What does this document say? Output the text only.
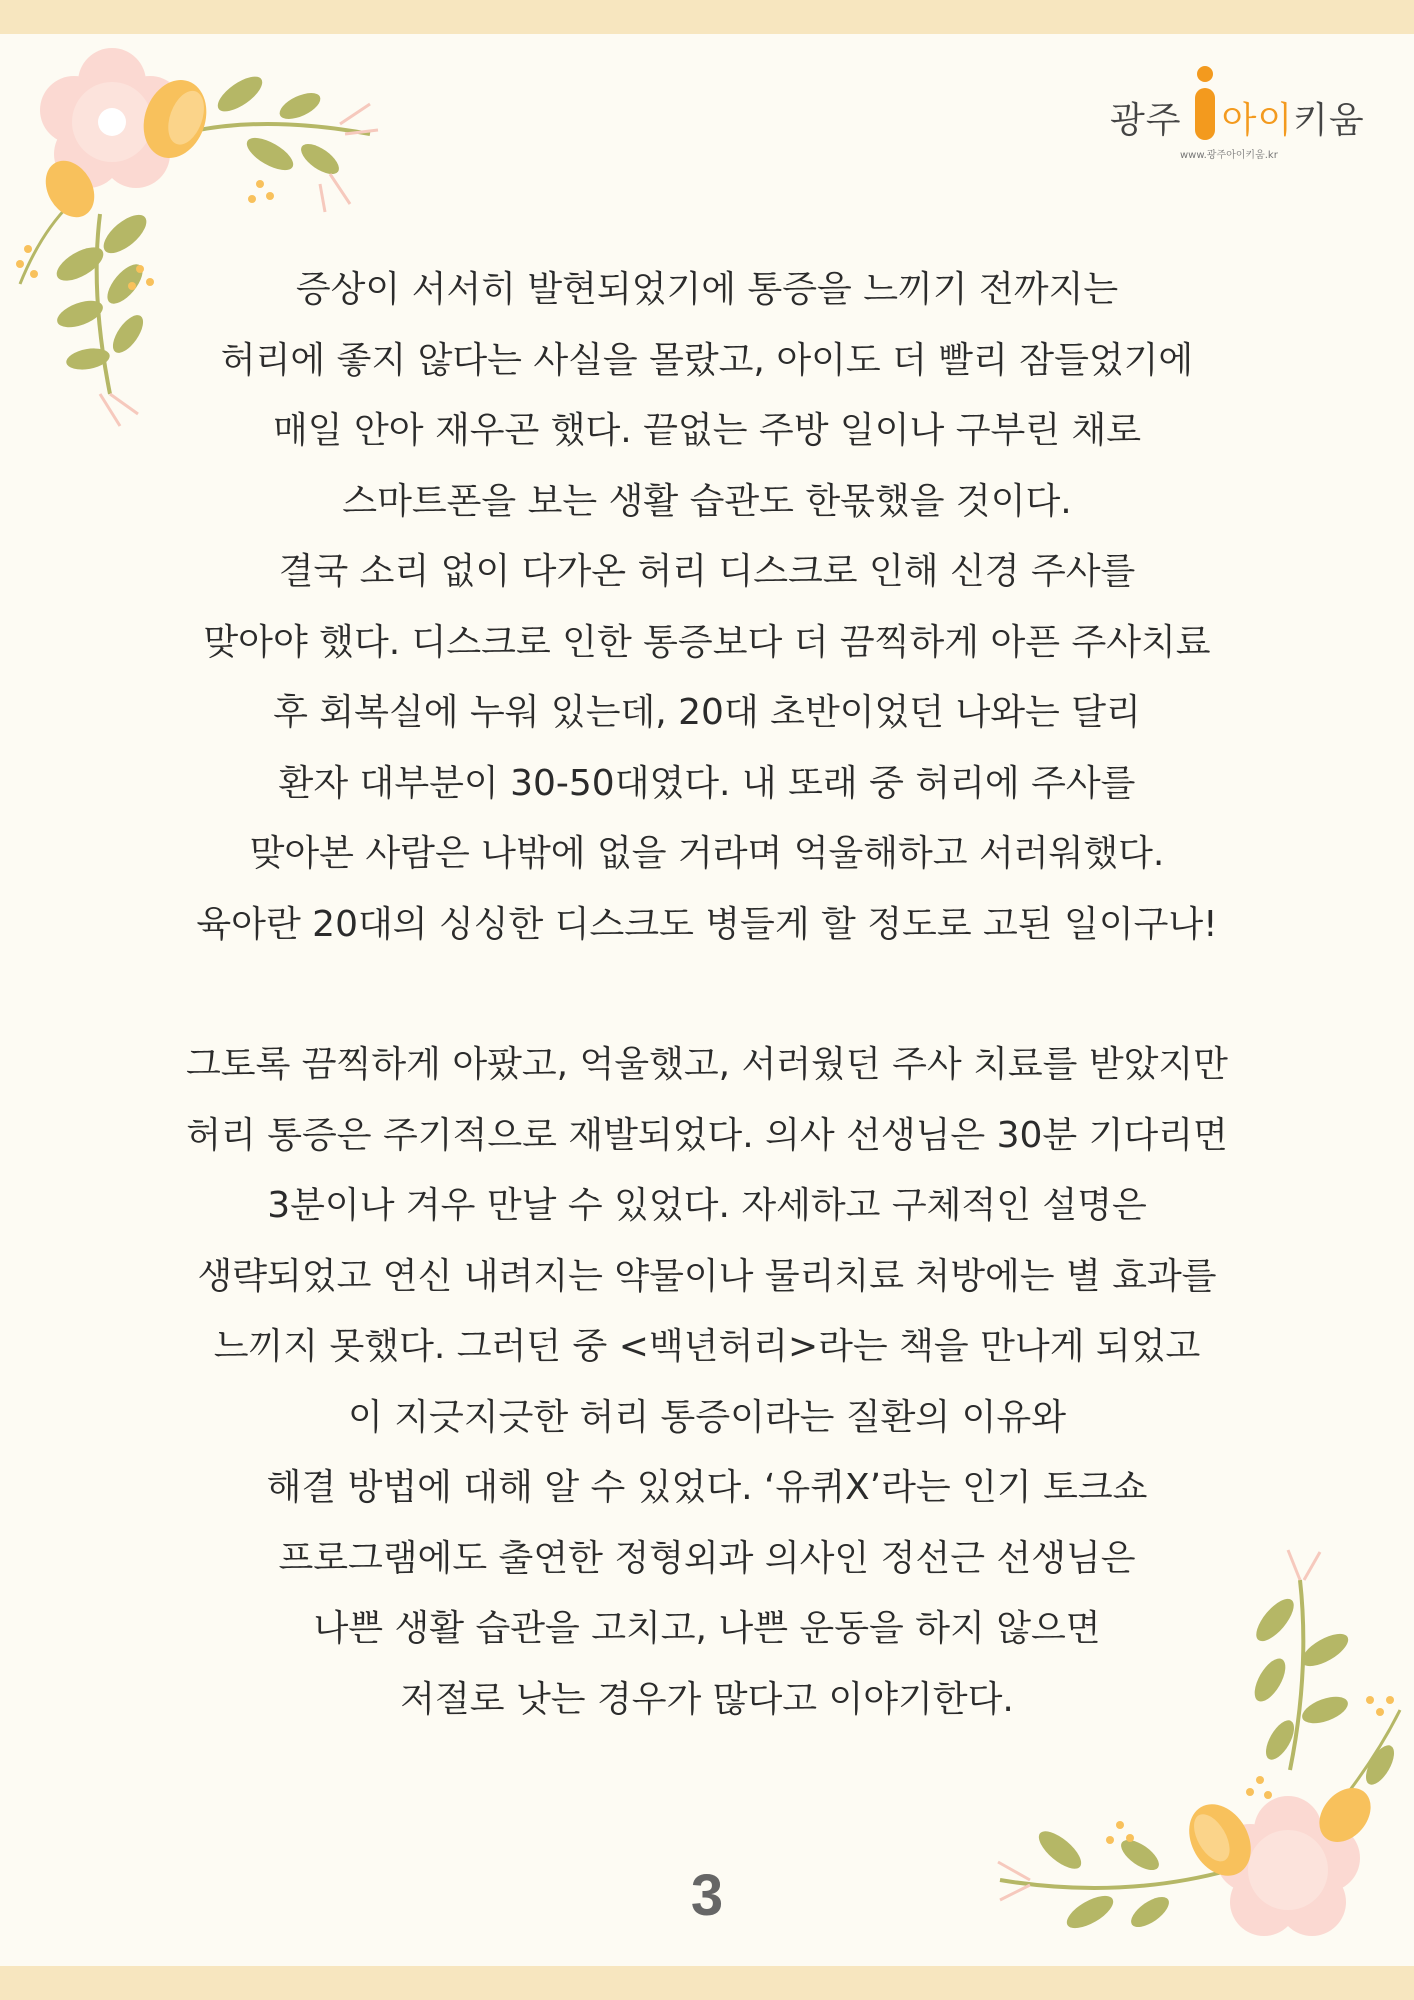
광주 아이키움
www.광주아이키움.kr

증상이 서서히 발현되었기에 통증을 느끼기 전까지는
허리에 좋지 않다는 사실을 몰랐고, 아이도 더 빨리 잠들었기에
매일 안아 재우곤 했다. 끝없는 주방 일이나 구부린 채로
스마트폰을 보는 생활 습관도 한몫했을 것이다.
결국 소리 없이 다가온 허리 디스크로 인해 신경 주사를
맞아야 했다. 디스크로 인한 통증보다 더 끔찍하게 아픈 주사치료
후 회복실에 누워 있는데, 20대 초반이었던 나와는 달리
환자 대부분이 30-50대였다. 내 또래 중 허리에 주사를
맞아본 사람은 나밖에 없을 거라며 억울해하고 서러워했다.
육아란 20대의 싱싱한 디스크도 병들게 할 정도로 고된 일이구나!

그토록 끔찍하게 아팠고, 억울했고, 서러웠던 주사 치료를 받았지만
허리 통증은 주기적으로 재발되었다. 의사 선생님은 30분 기다리면
3분이나 겨우 만날 수 있었다. 자세하고 구체적인 설명은
생략되었고 연신 내려지는 약물이나 물리치료 처방에는 별 효과를
느끼지 못했다. 그러던 중 <백년허리>라는 책을 만나게 되었고
이 지긋지긋한 허리 통증이라는 질환의 이유와
해결 방법에 대해 알 수 있었다. ‘유퀴X’라는 인기 토크쇼
프로그램에도 출연한 정형외과 의사인 정선근 선생님은
나쁜 생활 습관을 고치고, 나쁜 운동을 하지 않으면
저절로 낫는 경우가 많다고 이야기한다.

3
